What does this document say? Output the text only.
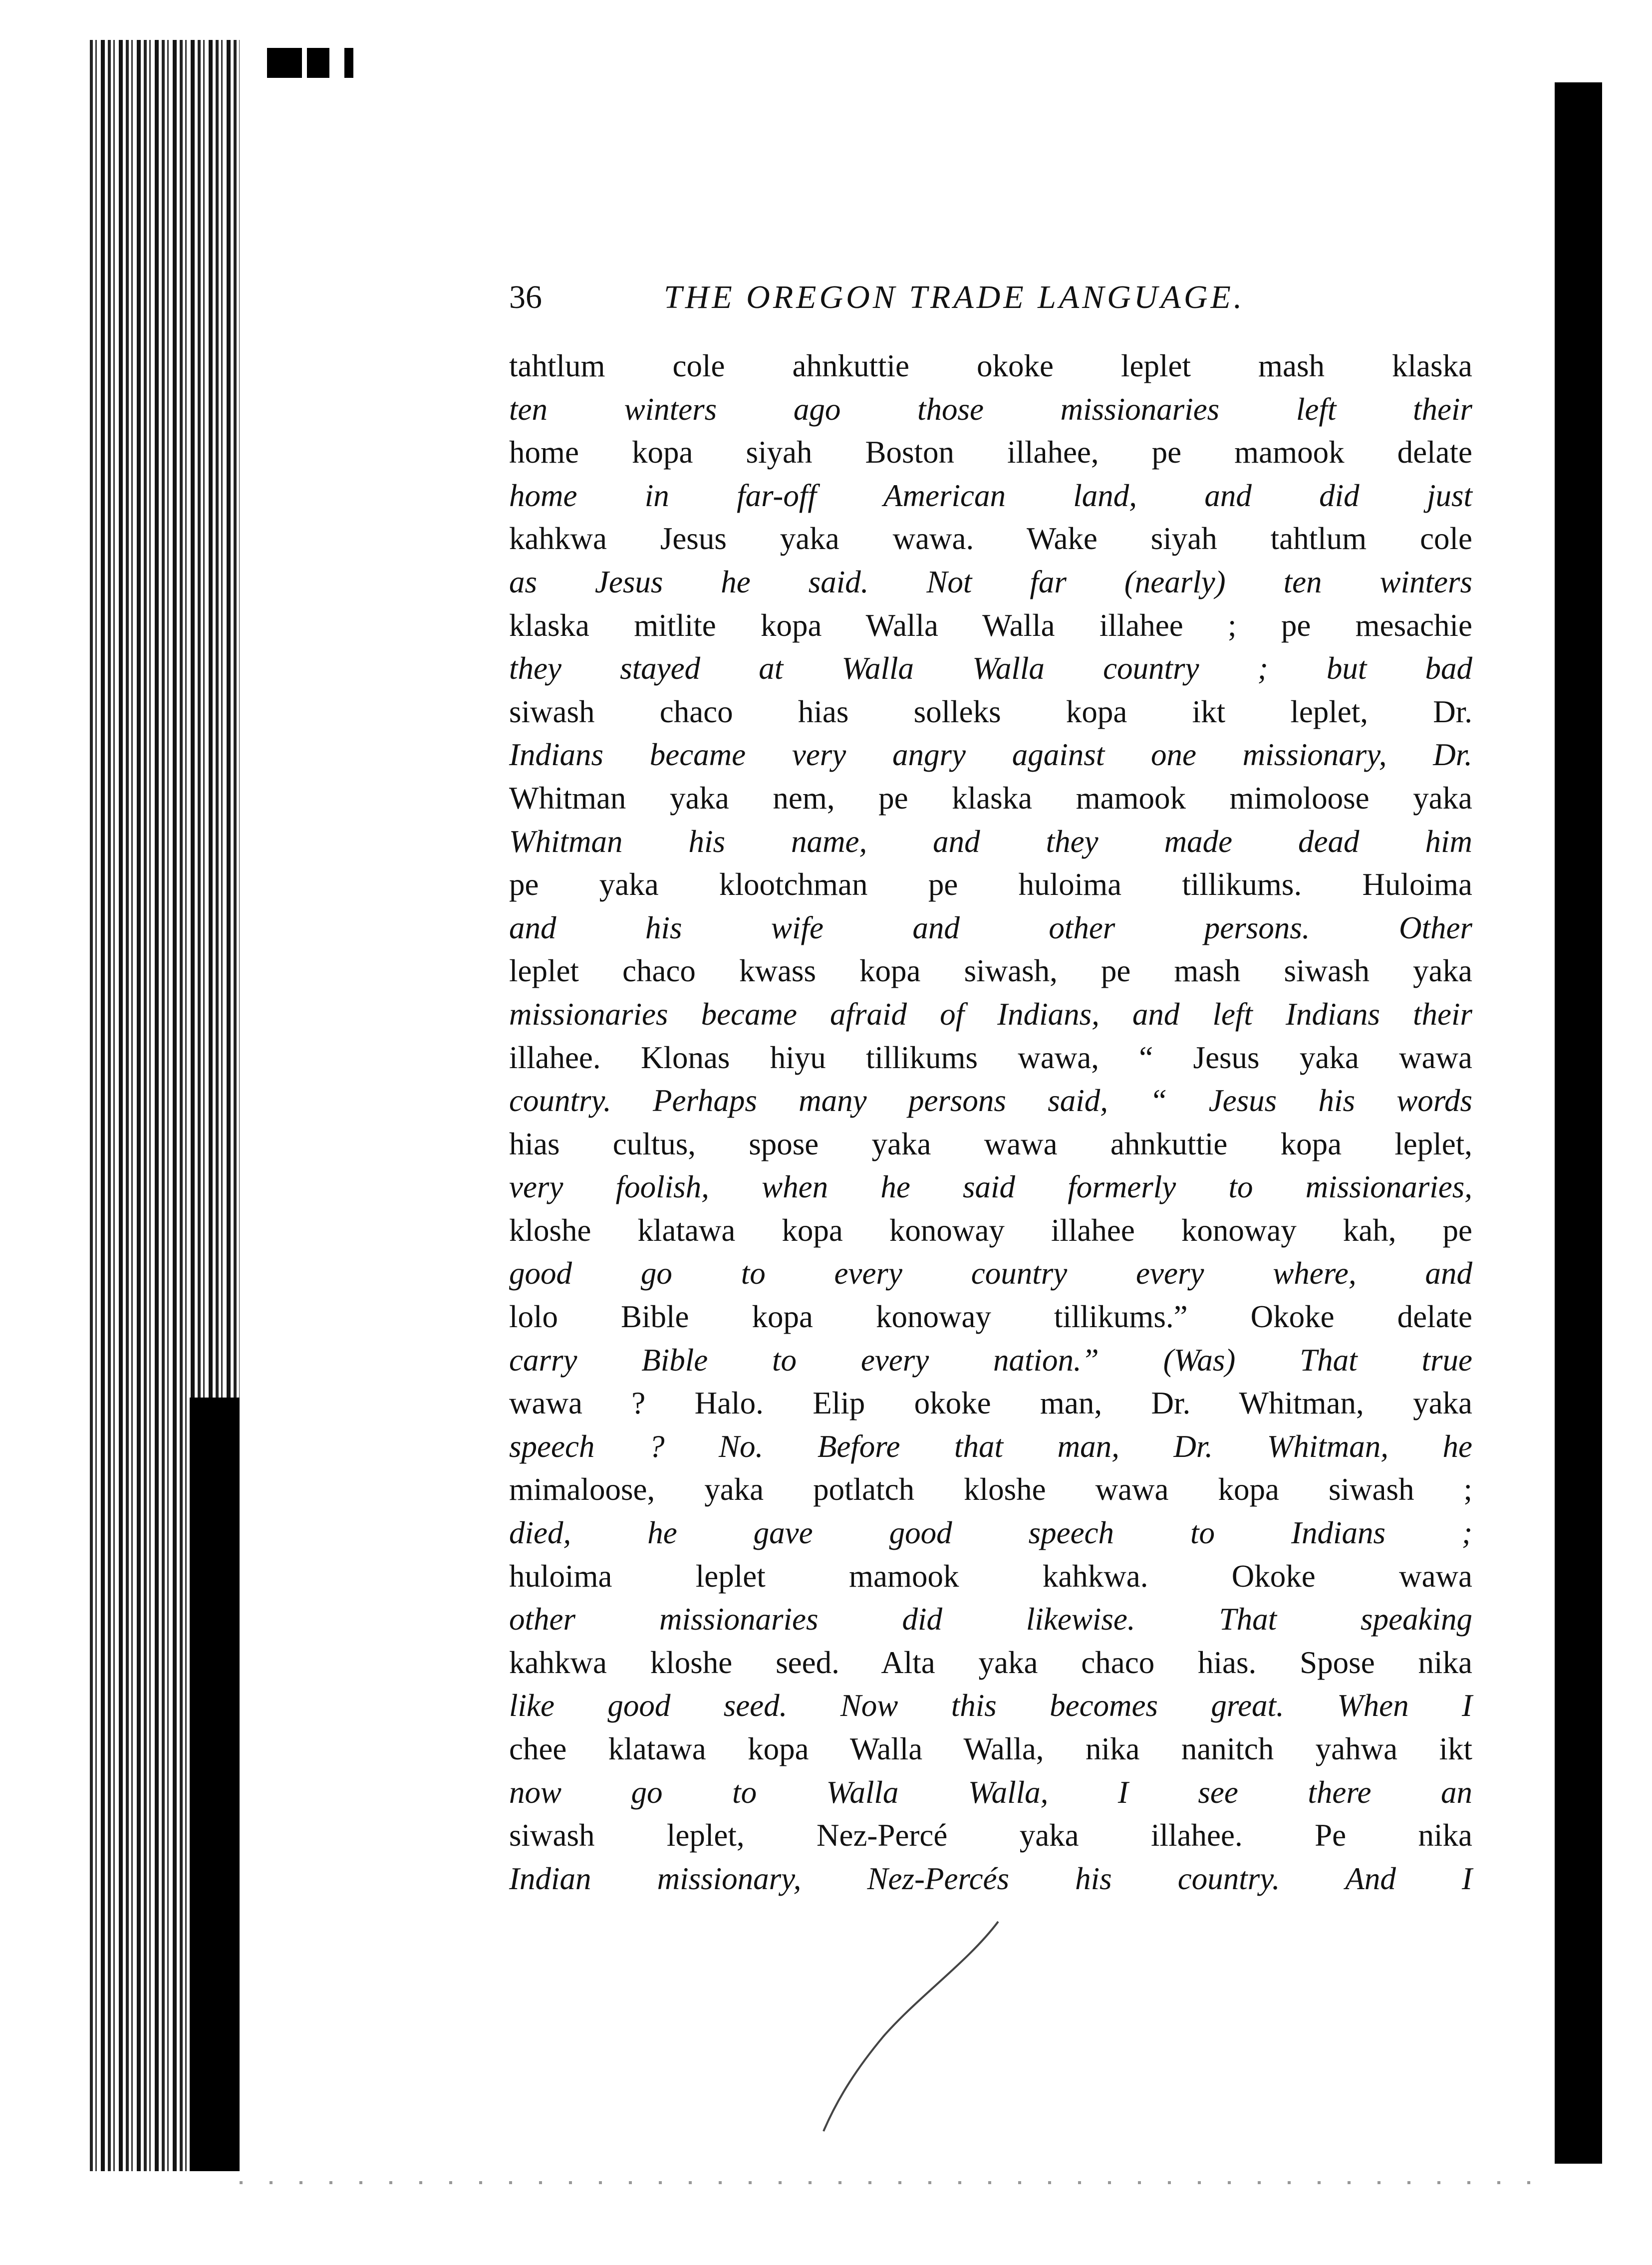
36	THE OREGON TRADE LANGUAGE.
tahtlum cole ahnkuttie okoke leplet mash klaska
ten winters ago those missionaries left their
home kopa siyah Boston illahee, pe mamook delate
home in far-off American land, and did just
kahkwa Jesus yaka wawa. Wake siyah tahtlum cole
as Jesus he said. Not far (nearly) ten winters
klaska mitlite kopa Walla Walla illahee ; pe mesachie
they stayed at Walla Walla country ; but bad
siwash chaco hias solleks kopa ikt leplet, Dr.
Indians became very angry against one missionary, Dr.
Whitman yaka nem, pe klaska mamook mimoloose yaka
Whitman his name, and they made dead him
pe yaka klootchman pe huloima tillikums. Huloima
and his wife and other persons. Other
leplet chaco kwass kopa siwash, pe mash siwash yaka
missionaries became afraid of Indians, and left Indians their
illahee. Klonas hiyu tillikums wawa, “ Jesus yaka wawa
country. Perhaps many persons said, “ Jesus his words
hias cultus, spose yaka wawa ahnkuttie kopa leplet,
very foolish, when he said formerly to missionaries,
kloshe klatawa kopa konoway illahee konoway kah, pe
good go to every country every where, and
lolo Bible kopa konoway tillikums.” Okoke delate
carry Bible to every nation.” (Was) That true
wawa ? Halo. Elip okoke man, Dr. Whitman, yaka
speech ? No. Before that man, Dr. Whitman, he
mimaloose, yaka potlatch kloshe wawa kopa siwash ;
died, he gave good speech to Indians ;
huloima leplet mamook kahkwa. Okoke wawa
other missionaries did likewise. That speaking
kahkwa kloshe seed. Alta yaka chaco hias. Spose nika
like good seed. Now this becomes great. When I
chee klatawa kopa Walla Walla, nika nanitch yahwa ikt
now go to Walla Walla, I see there an
siwash leplet, Nez-Percé yaka illahee. Pe nika
Indian missionary, Nez-Percés his country. And I
